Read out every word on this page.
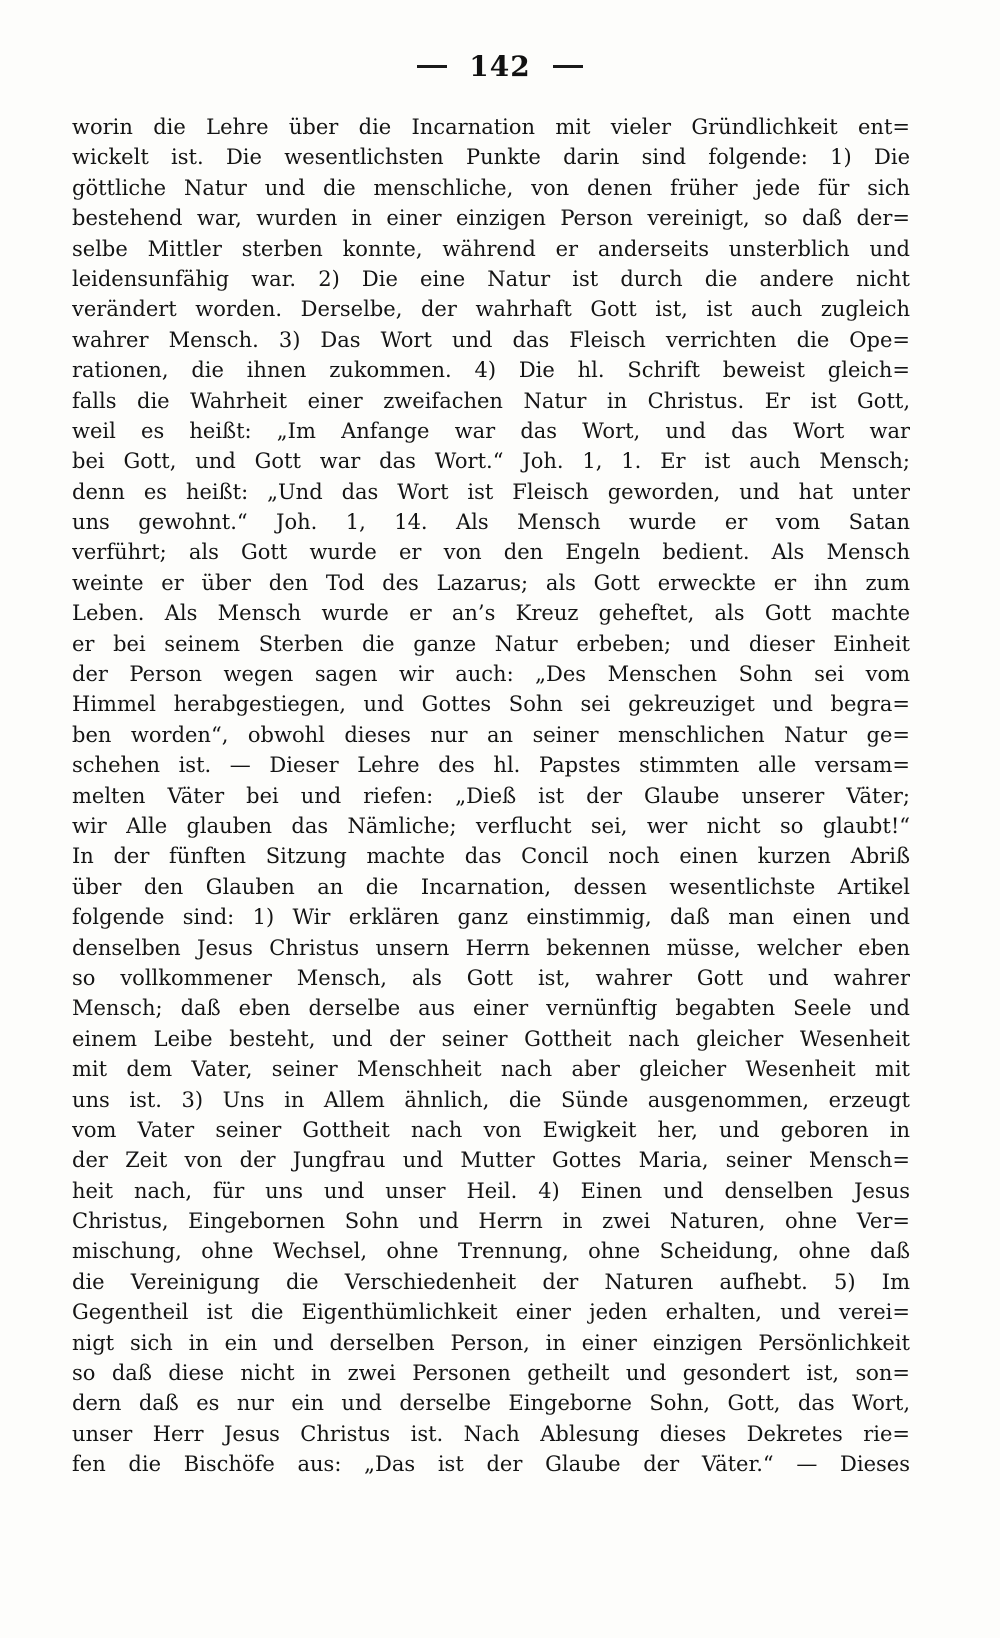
142
worin die Lehre über die Incarnation mit vieler Gründlichkeit ent=
wickelt ist. Die wesentlichsten Punkte darin sind folgende: 1) Die
göttliche Natur und die menschliche, von denen früher jede für sich
bestehend war, wurden in einer einzigen Person vereinigt, so daß der=
selbe Mittler sterben konnte, während er anderseits unsterblich und
leidensunfähig war. 2) Die eine Natur ist durch die andere nicht
verändert worden. Derselbe, der wahrhaft Gott ist, ist auch zugleich
wahrer Mensch. 3) Das Wort und das Fleisch verrichten die Ope=
rationen, die ihnen zukommen. 4) Die hl. Schrift beweist gleich=
falls die Wahrheit einer zweifachen Natur in Christus. Er ist Gott,
weil es heißt: „Im Anfange war das Wort, und das Wort war
bei Gott, und Gott war das Wort.“ Joh. 1, 1. Er ist auch Mensch;
denn es heißt: „Und das Wort ist Fleisch geworden, und hat unter
uns gewohnt.“ Joh. 1, 14. Als Mensch wurde er vom Satan
verführt; als Gott wurde er von den Engeln bedient. Als Mensch
weinte er über den Tod des Lazarus; als Gott erweckte er ihn zum
Leben. Als Mensch wurde er an’s Kreuz geheftet, als Gott machte
er bei seinem Sterben die ganze Natur erbeben; und dieser Einheit
der Person wegen sagen wir auch: „Des Menschen Sohn sei vom
Himmel herabgestiegen, und Gottes Sohn sei gekreuziget und begra=
ben worden“, obwohl dieses nur an seiner menschlichen Natur ge=
schehen ist. — Dieser Lehre des hl. Papstes stimmten alle versam=
melten Väter bei und riefen: „Dieß ist der Glaube unserer Väter;
wir Alle glauben das Nämliche; verflucht sei, wer nicht so glaubt!“
In der fünften Sitzung machte das Concil noch einen kurzen Abriß
über den Glauben an die Incarnation, dessen wesentlichste Artikel
folgende sind: 1) Wir erklären ganz einstimmig, daß man einen und
denselben Jesus Christus unsern Herrn bekennen müsse, welcher eben
so vollkommener Mensch, als Gott ist, wahrer Gott und wahrer
Mensch; daß eben derselbe aus einer vernünftig begabten Seele und
einem Leibe besteht, und der seiner Gottheit nach gleicher Wesenheit
mit dem Vater, seiner Menschheit nach aber gleicher Wesenheit mit
uns ist. 3) Uns in Allem ähnlich, die Sünde ausgenommen, erzeugt
vom Vater seiner Gottheit nach von Ewigkeit her, und geboren in
der Zeit von der Jungfrau und Mutter Gottes Maria, seiner Mensch=
heit nach, für uns und unser Heil. 4) Einen und denselben Jesus
Christus, Eingebornen Sohn und Herrn in zwei Naturen, ohne Ver=
mischung, ohne Wechsel, ohne Trennung, ohne Scheidung, ohne daß
die Vereinigung die Verschiedenheit der Naturen aufhebt. 5) Im
Gegentheil ist die Eigenthümlichkeit einer jeden erhalten, und verei=
nigt sich in ein und derselben Person, in einer einzigen Persönlichkeit
so daß diese nicht in zwei Personen getheilt und gesondert ist, son=
dern daß es nur ein und derselbe Eingeborne Sohn, Gott, das Wort,
unser Herr Jesus Christus ist. Nach Ablesung dieses Dekretes rie=
fen die Bischöfe aus: „Das ist der Glaube der Väter.“ — Dieses
